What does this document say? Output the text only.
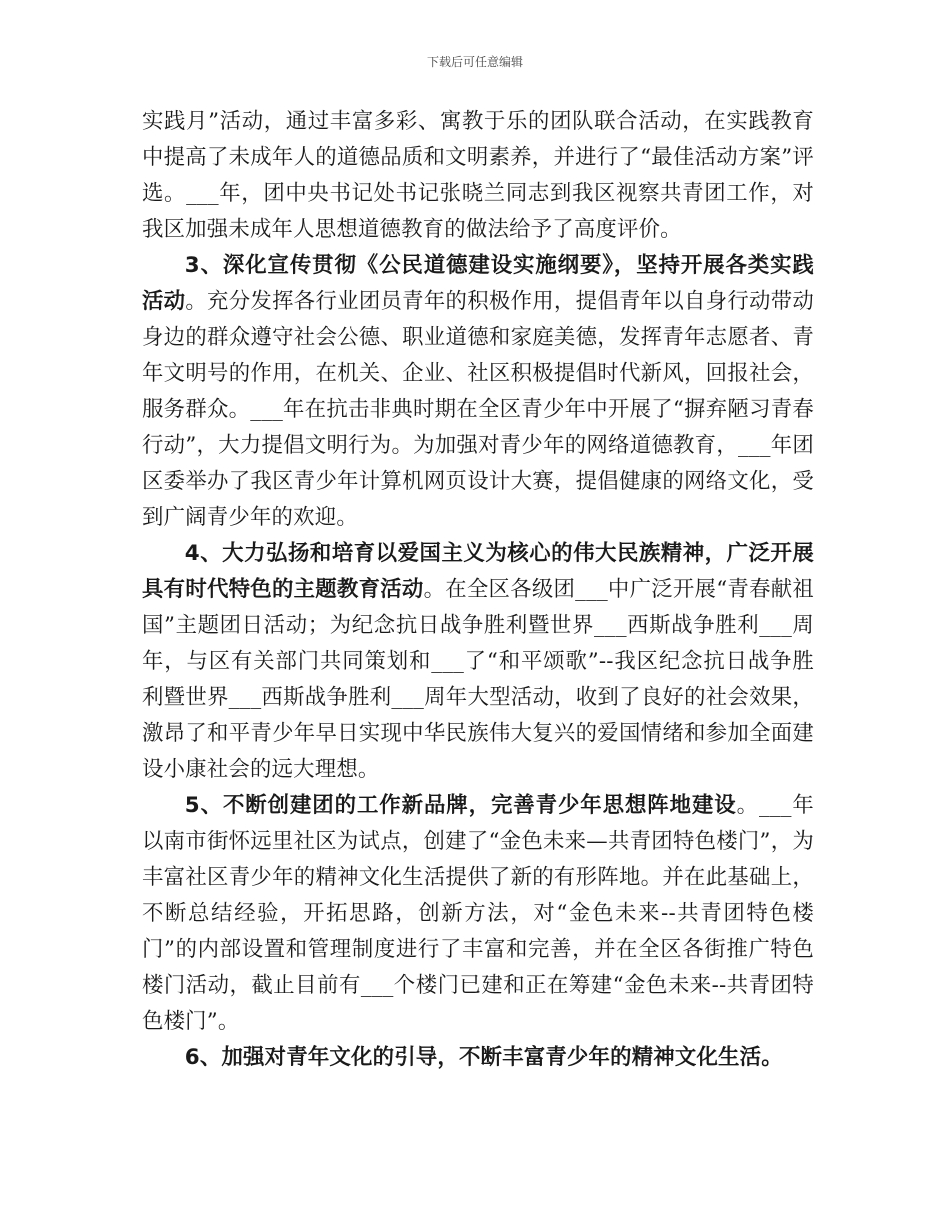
下载后可任意编辑

实践月”活动，通过丰富多彩、寓教于乐的团队联合活动，在实践教育中提高了未成年人的道德品质和文明素养，并进行了“最佳活动方案”评选。___年，团中央书记处书记张晓兰同志到我区视察共青团工作，对我区加强未成年人思想道德教育的做法给予了高度评价。

3、深化宣传贯彻《公民道德建设实施纲要》，坚持开展各类实践活动。充分发挥各行业团员青年的积极作用，提倡青年以自身行动带动身边的群众遵守社会公德、职业道德和家庭美德，发挥青年志愿者、青年文明号的作用，在机关、企业、社区积极提倡时代新风，回报社会，服务群众。___年在抗击非典时期在全区青少年中开展了“摒弃陋习青春行动”，大力提倡文明行为。为加强对青少年的网络道德教育，___年团区委举办了我区青少年计算机网页设计大赛，提倡健康的网络文化，受到广阔青少年的欢迎。

4、大力弘扬和培育以爱国主义为核心的伟大民族精神，广泛开展具有时代特色的主题教育活动。在全区各级团___中广泛开展“青春献祖国”主题团日活动；为纪念抗日战争胜利暨世界___西斯战争胜利___周年，与区有关部门共同策划和___了“和平颂歌”--我区纪念抗日战争胜利暨世界___西斯战争胜利___周年大型活动，收到了良好的社会效果，激昂了和平青少年早日实现中华民族伟大复兴的爱国情绪和参加全面建设小康社会的远大理想。

5、不断创建团的工作新品牌，完善青少年思想阵地建设。___年以南市街怀远里社区为试点，创建了“金色未来—共青团特色楼门”，为丰富社区青少年的精神文化生活提供了新的有形阵地。并在此基础上，不断总结经验，开拓思路，创新方法，对“金色未来--共青团特色楼门”的内部设置和管理制度进行了丰富和完善，并在全区各街推广特色楼门活动，截止目前有___个楼门已建和正在筹建“金色未来--共青团特色楼门”。

6、加强对青年文化的引导，不断丰富青少年的精神文化生活。
